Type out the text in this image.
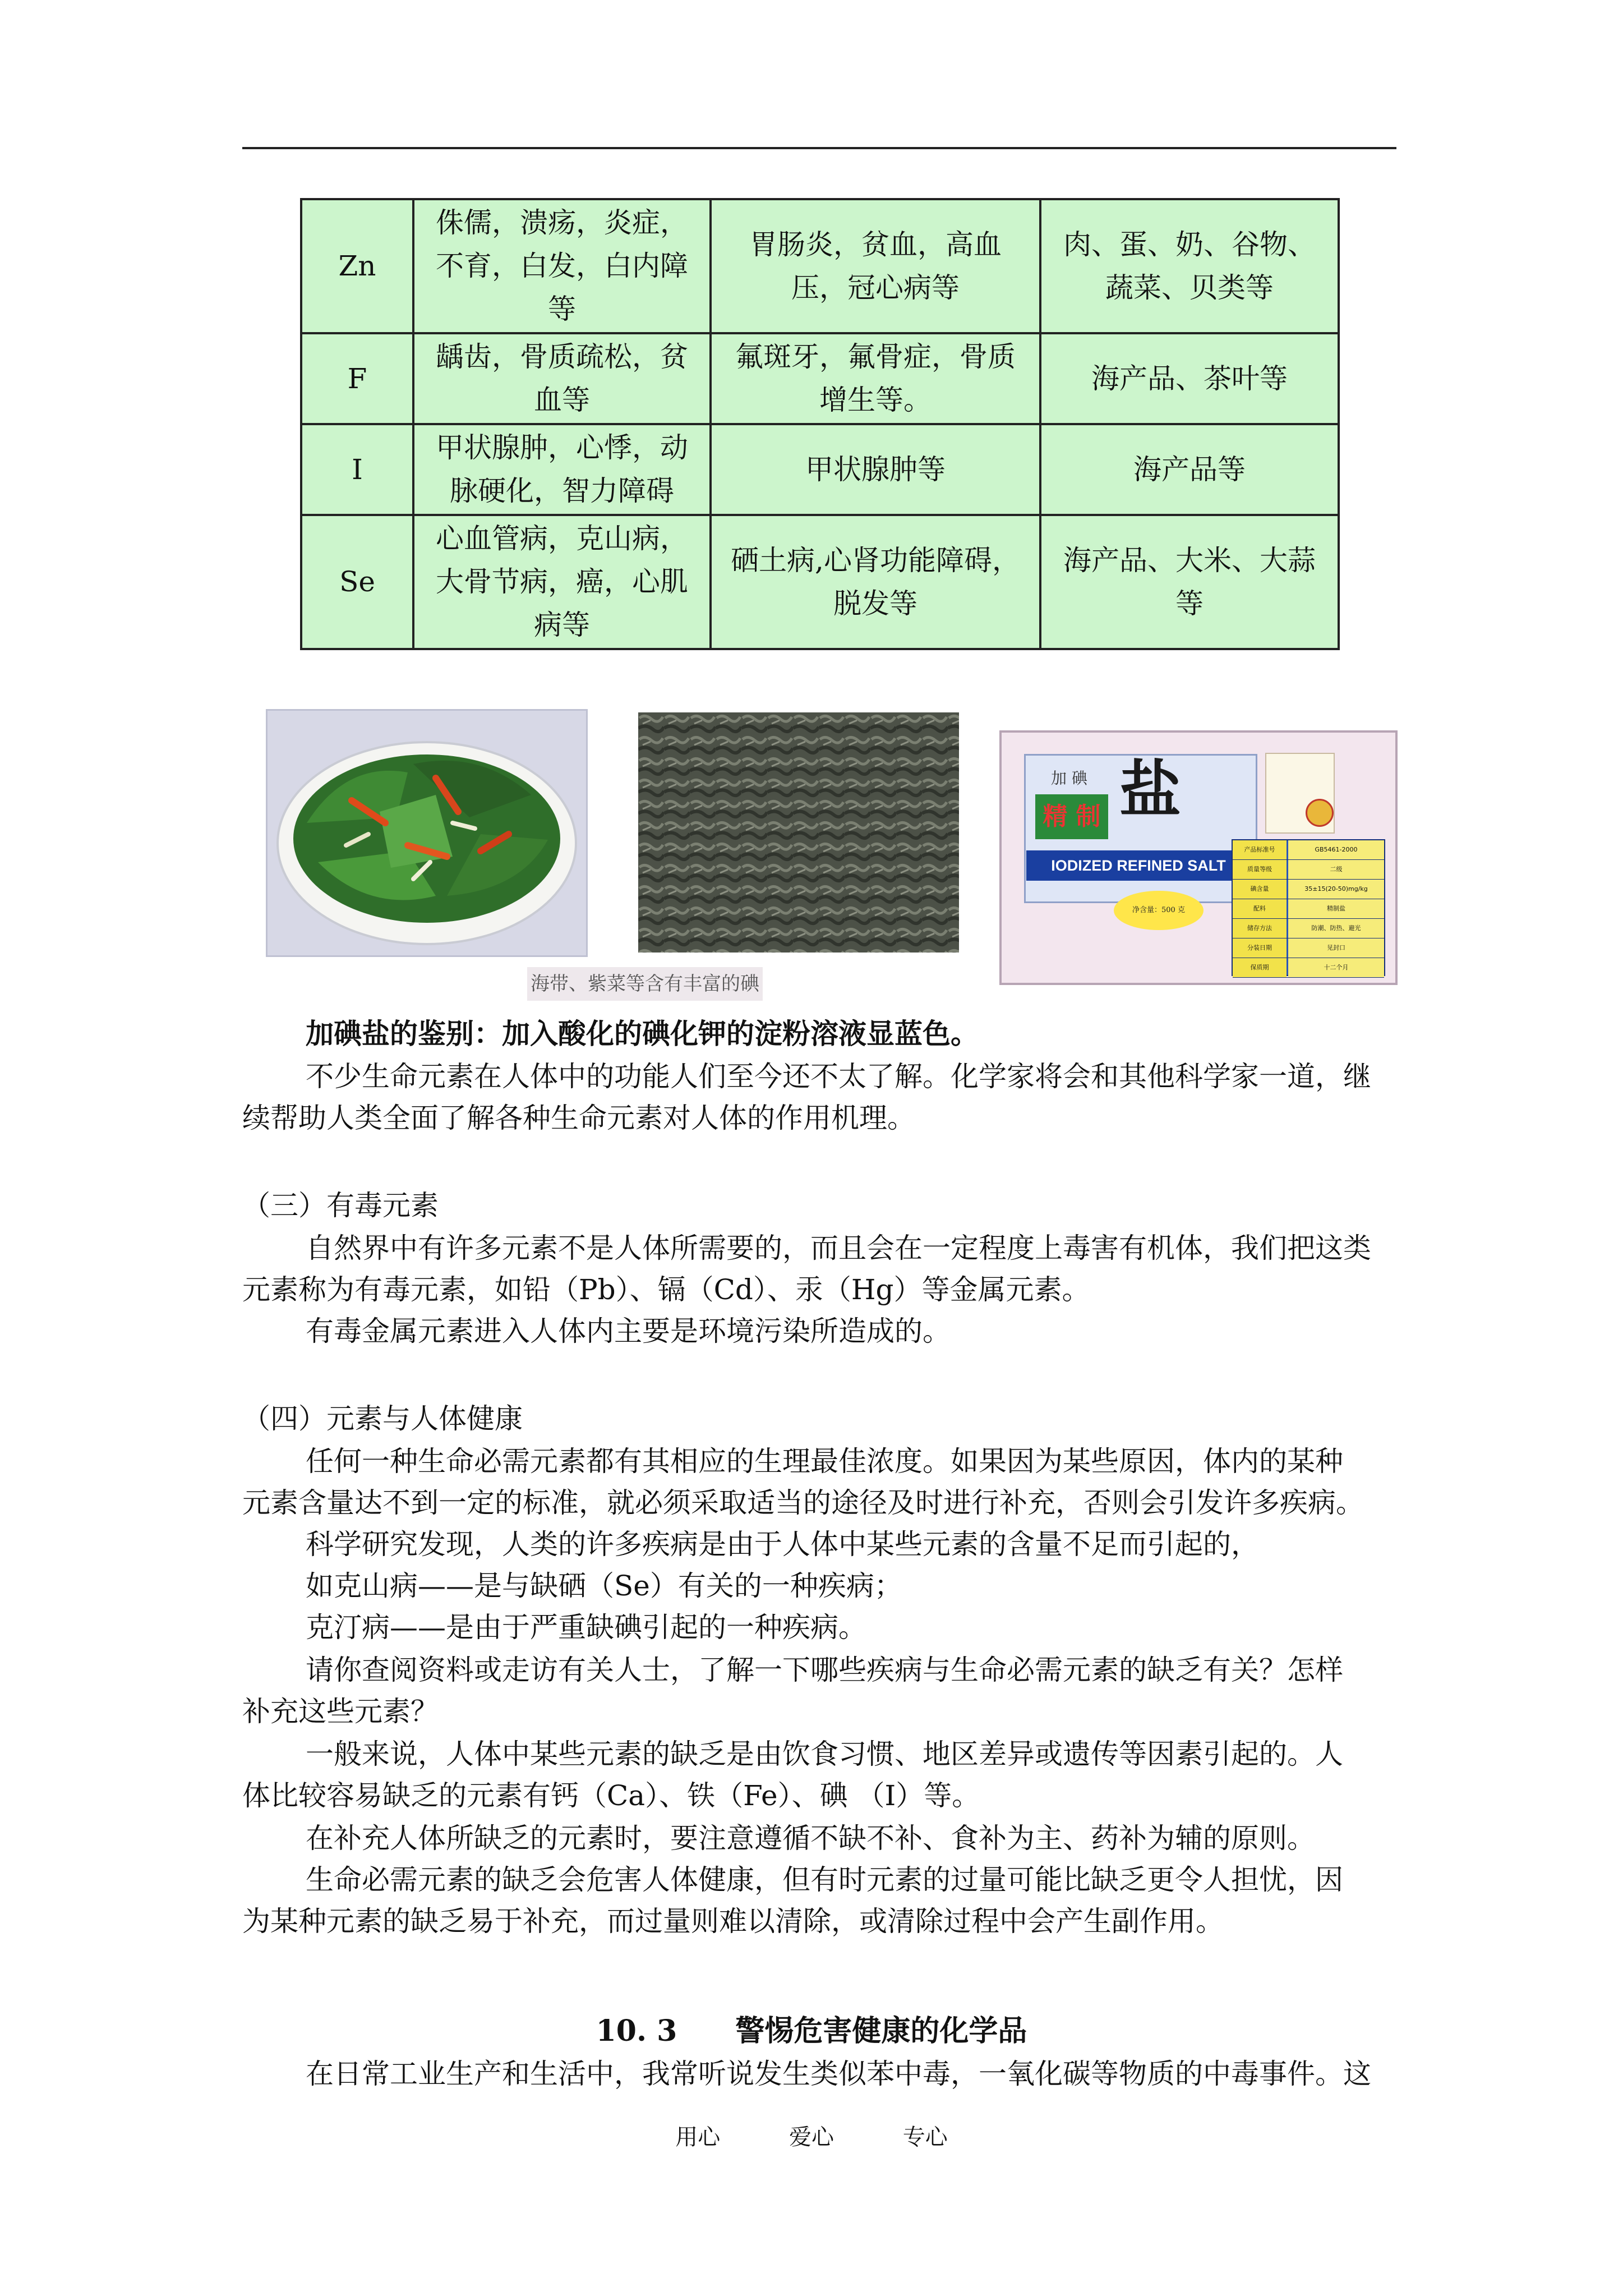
Zn	侏儒，溃疡，炎症，不育，白发，白内障等	胃肠炎，贫血，高血压，冠心病等	肉、蛋、奶、谷物、蔬菜、贝类等
F	龋齿，骨质疏松，贫血等	氟斑牙，氟骨症，骨质增生等。	海产品、茶叶等
I	甲状腺肿，心悸，动脉硬化，智力障碍	甲状腺肿等	海产品等
Se	心血管病，克山病，大骨节病，癌，心肌病等	硒土病,心肾功能障碍，脱发等	海产品、大米、大蒜等
加 碘 盐
精 制
IODIZED REFINED SALT
净含量：500 克
产品标准号	GB5461-2000
质量等级	二级
碘含量	35±15(20-50)mg/kg
配料	精制盐
储存方法	防潮、防热、避光
分装日期	见封口
保质期	十二个月
海带、紫菜等含有丰富的碘
加碘盐的鉴别：加入酸化的碘化钾的淀粉溶液显蓝色。
不少生命元素在人体中的功能人们至今还不太了解。化学家将会和其他科学家一道，继
续帮助人类全面了解各种生命元素对人体的作用机理。
（三）有毒元素
自然界中有许多元素不是人体所需要的，而且会在一定程度上毒害有机体，我们把这类
元素称为有毒元素，如铅（Pb）、镉（Cd）、汞（Hg）等金属元素。
有毒金属元素进入人体内主要是环境污染所造成的。
（四）元素与人体健康
任何一种生命必需元素都有其相应的生理最佳浓度。如果因为某些原因，体内的某种
元素含量达不到一定的标准，就必须采取适当的途径及时进行补充，否则会引发许多疾病。
科学研究发现，人类的许多疾病是由于人体中某些元素的含量不足而引起的，
如克山病——是与缺硒（Se）有关的一种疾病；
克汀病——是由于严重缺碘引起的一种疾病。
请你查阅资料或走访有关人士，了解一下哪些疾病与生命必需元素的缺乏有关？怎样
补充这些元素？
一般来说，人体中某些元素的缺乏是由饮食习惯、地区差异或遗传等因素引起的。人
体比较容易缺乏的元素有钙（Ca）、铁（Fe）、碘 （I）等。
在补充人体所缺乏的元素时，要注意遵循不缺不补、食补为主、药补为辅的原则。
生命必需元素的缺乏会危害人体健康，但有时元素的过量可能比缺乏更令人担忧，因
为某种元素的缺乏易于补充，而过量则难以清除，或清除过程中会产生副作用。
10. 3　　警惕危害健康的化学品
在日常工业生产和生活中，我常听说发生类似苯中毒，一氧化碳等物质的中毒事件。这
用心	爱心	专心
